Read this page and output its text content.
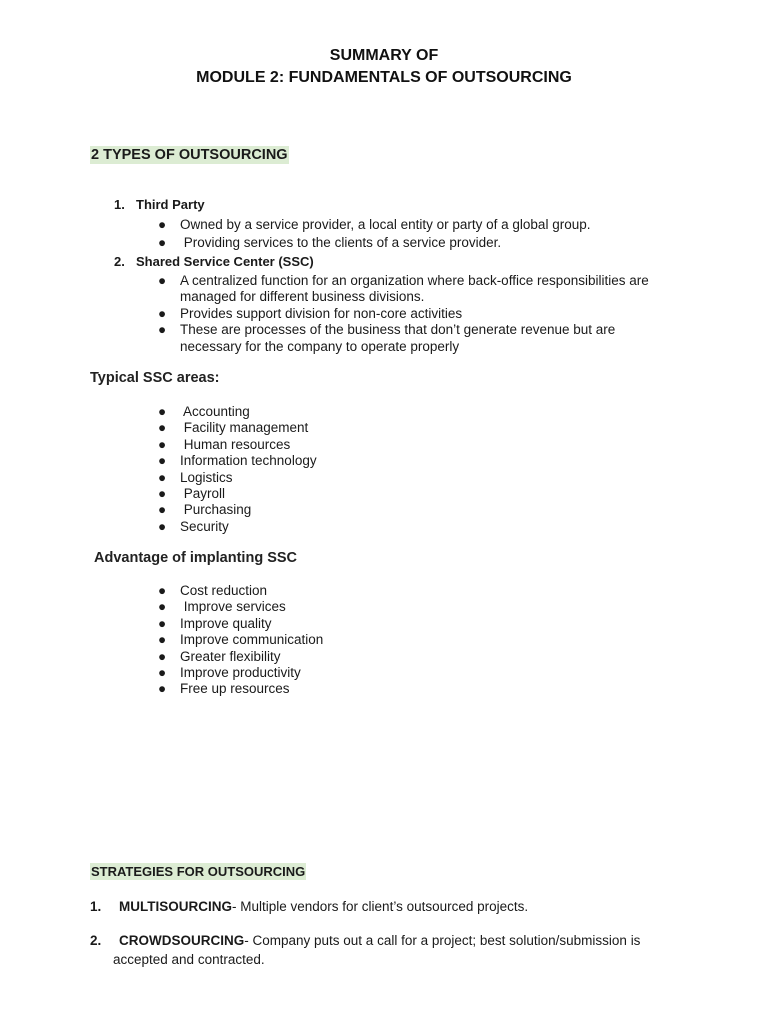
SUMMARY OF
MODULE 2: FUNDAMENTALS OF OUTSOURCING
2 TYPES OF OUTSOURCING
1. Third Party
●	Owned by a service provider, a local entity or party of a global group.
●	Providing services to the clients of a service provider.
2. Shared Service Center (SSC)
●	A centralized function for an organization where back-office responsibilities are managed for different business divisions.
●	Provides support division for non-core activities
●	These are processes of the business that don’t generate revenue but are necessary for the company to operate properly
Typical SSC areas:
●	Accounting
●	Facility management
●	Human resources
●	Information technology
●	Logistics
●	Payroll
●	Purchasing
●	Security
Advantage of implanting SSC
●	Cost reduction
●	Improve services
●	Improve quality
●	Improve communication
●	Greater flexibility
●	Improve productivity
●	Free up resources
STRATEGIES FOR OUTSOURCING
1. MULTISOURCING- Multiple vendors for client’s outsourced projects.
2. CROWDSOURCING- Company puts out a call for a project; best solution/submission is
accepted and contracted.
